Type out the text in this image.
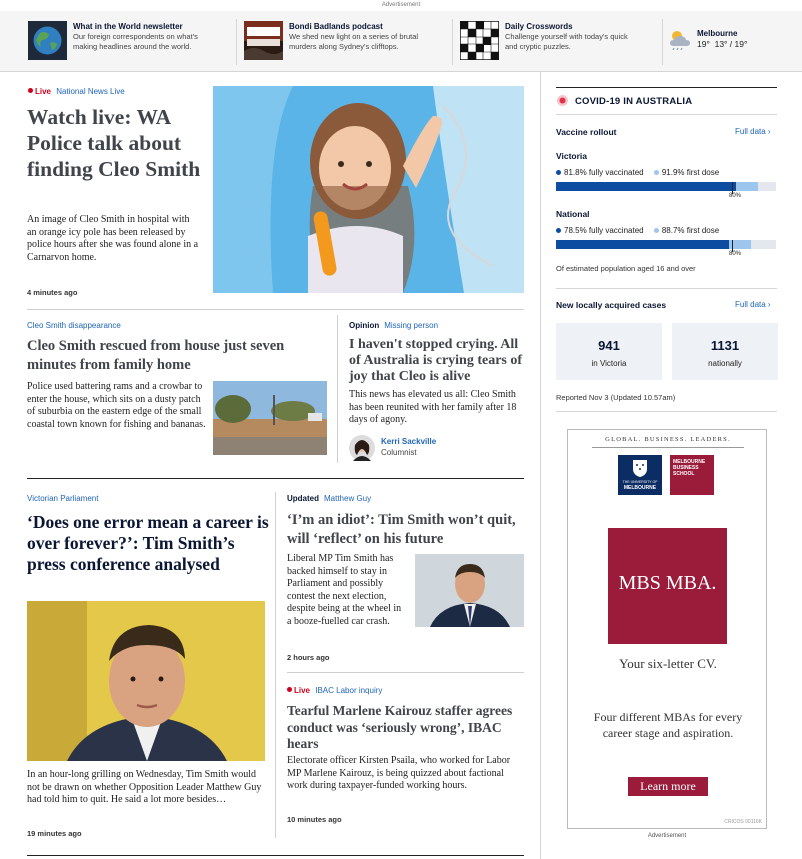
Advertisement
What in the World newsletter
Our foreign correspondents on what's
making headlines around the world.
Bondi Badlands podcast
We shed new light on a series of brutal
murders along Sydney's clifftops.
Daily Crosswords
Challenge yourself with today's quick
and cryptic puzzles.
Melbourne
19° 13° / 19°
Live National News Live
Watch live: WA Police talk about finding Cleo Smith
An image of Cleo Smith in hospital with an orange icy pole has been released by police hours after she was found alone in a Carnarvon home.
4 minutes ago
Cleo Smith disappearance
Cleo Smith rescued from house just seven minutes from family home
Police used battering rams and a crowbar to enter the house, which sits on a dusty patch of suburbia on the eastern edge of the small coastal town known for fishing and bananas.
Opinion Missing person
I haven't stopped crying. All of Australia is crying tears of joy that Cleo is alive
This news has elevated us all: Cleo Smith has been reunited with her family after 18 days of agony.
Kerri Sackville
Columnist
Victorian Parliament
‘Does one error mean a career is over forever?’: Tim Smith’s press conference analysed
In an hour-long grilling on Wednesday, Tim Smith would not be drawn on whether Opposition Leader Matthew Guy had told him to quit. He said a lot more besides…
19 minutes ago
Updated Matthew Guy
‘I’m an idiot’: Tim Smith won’t quit, will ‘reflect’ on his future
Liberal MP Tim Smith has backed himself to stay in Parliament and possibly contest the next election, despite being at the wheel in a booze-fuelled car crash.
2 hours ago
Live IBAC Labor inquiry
Tearful Marlene Kairouz staffer agrees conduct was ‘seriously wrong’, IBAC hears
Electorate officer Kirsten Psaila, who worked for Labor MP Marlene Kairouz, is being quizzed about factional work during taxpayer-funded working hours.
10 minutes ago
COVID-19 IN AUSTRALIA
Vaccine rollout	Full data ›
Victoria
81.8% fully vaccinated 91.9% first dose
80%
National
78.5% fully vaccinated 88.7% first dose
80%
Of estimated population aged 16 and over
New locally acquired cases	Full data ›
941
in Victoria
1131
nationally
Reported Nov 3 (Updated 10.57am)
GLOBAL. BUSINESS. LEADERS.
THE UNIVERSITY OF
MELBOURNE
MELBOURNE
BUSINESS
SCHOOL
MBS MBA.
Your six-letter CV.
Four different MBAs for every career stage and aspiration.
Learn more
CRICOS 00116K
Advertisement
